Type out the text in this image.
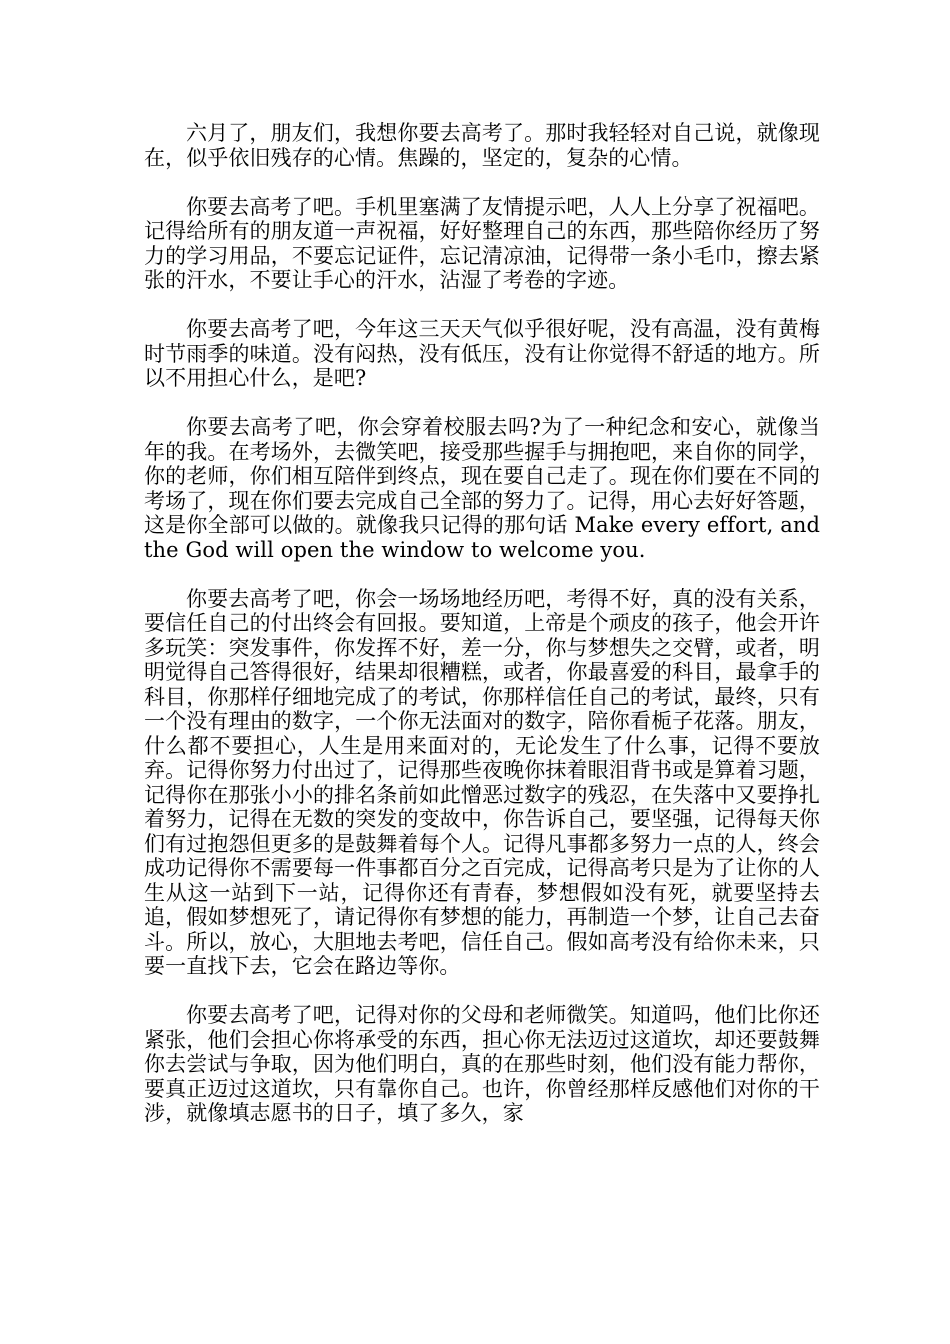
六月了，朋友们，我想你要去高考了。那时我轻轻对自己说，就像现在，似乎依旧残存的心情。焦躁的，坚定的，复杂的心情。

你要去高考了吧。手机里塞满了友情提示吧，人人上分享了祝福吧。记得给所有的朋友道一声祝福，好好整理自己的东西，那些陪你经历了努力的学习用品，不要忘记证件，忘记清凉油，记得带一条小毛巾，擦去紧张的汗水，不要让手心的汗水，沾湿了考卷的字迹。

你要去高考了吧，今年这三天天气似乎很好呢，没有高温，没有黄梅时节雨季的味道。没有闷热，没有低压，没有让你觉得不舒适的地方。所以不用担心什么，是吧?

你要去高考了吧，你会穿着校服去吗?为了一种纪念和安心，就像当年的我。在考场外，去微笑吧，接受那些握手与拥抱吧，来自你的同学，你的老师，你们相互陪伴到终点，现在要自己走了。现在你们要在不同的考场了，现在你们要去完成自己全部的努力了。记得，用心去好好答题，这是你全部可以做的。就像我只记得的那句话 Make every effort, and the God will open the window to welcome you.

你要去高考了吧，你会一场场地经历吧，考得不好，真的没有关系，要信任自己的付出终会有回报。要知道，上帝是个顽皮的孩子，他会开许多玩笑：突发事件，你发挥不好，差一分，你与梦想失之交臂，或者，明明觉得自己答得很好，结果却很糟糕，或者，你最喜爱的科目，最拿手的科目，你那样仔细地完成了的考试，你那样信任自己的考试，最终，只有一个没有理由的数字，一个你无法面对的数字，陪你看栀子花落。朋友，什么都不要担心，人生是用来面对的，无论发生了什么事，记得不要放弃。记得你努力付出过了，记得那些夜晚你抹着眼泪背书或是算着习题，记得你在那张小小的排名条前如此憎恶过数字的残忍，在失落中又要挣扎着努力，记得在无数的突发的变故中，你告诉自己，要坚强，记得每天你们有过抱怨但更多的是鼓舞着每个人。记得凡事都多努力一点的人，终会成功记得你不需要每一件事都百分之百完成，记得高考只是为了让你的人生从这一站到下一站，记得你还有青春，梦想假如没有死，就要坚持去追，假如梦想死了，请记得你有梦想的能力，再制造一个梦，让自己去奋斗。所以，放心，大胆地去考吧，信任自己。假如高考没有给你未来，只要一直找下去，它会在路边等你。

你要去高考了吧，记得对你的父母和老师微笑。知道吗，他们比你还紧张，他们会担心你将承受的东西，担心你无法迈过这道坎，却还要鼓舞你去尝试与争取，因为他们明白，真的在那些时刻，他们没有能力帮你，要真正迈过这道坎，只有靠你自己。也许，你曾经那样反感他们对你的干涉，就像填志愿书的日子，填了多久，家
